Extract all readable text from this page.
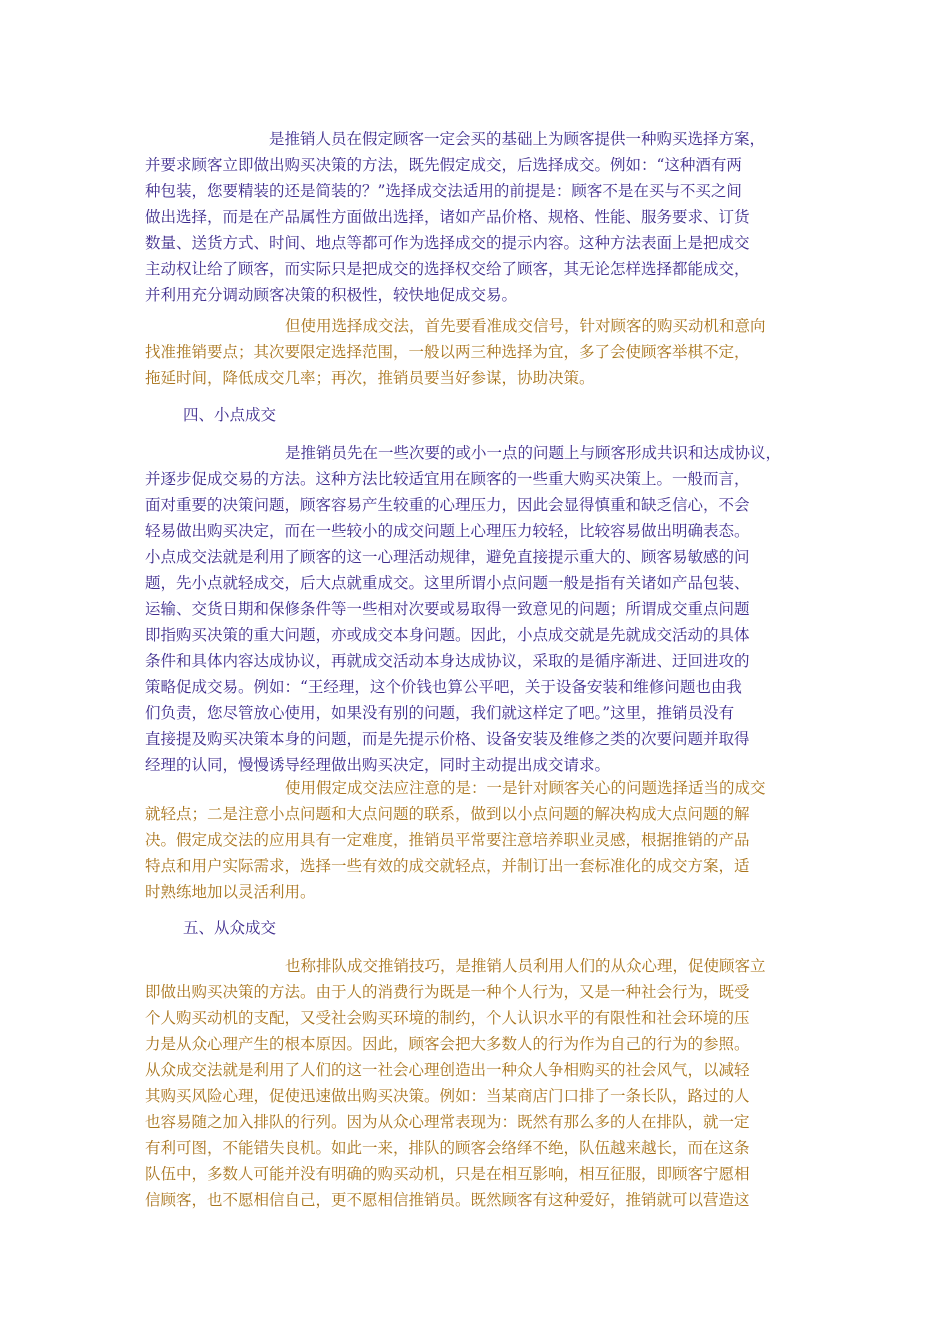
是推销人员在假定顾客一定会买的基础上为顾客提供一种购买选择方案，
并要求顾客立即做出购买决策的方法，既先假定成交，后选择成交。例如：“这种酒有两
种包装，您要精装的还是简装的？”选择成交法适用的前提是：顾客不是在买与不买之间
做出选择，而是在产品属性方面做出选择，诸如产品价格、规格、性能、服务要求、订货
数量、送货方式、时间、地点等都可作为选择成交的提示内容。这种方法表面上是把成交
主动权让给了顾客，而实际只是把成交的选择权交给了顾客，其无论怎样选择都能成交，
并利用充分调动顾客决策的积极性，较快地促成交易。
但使用选择成交法，首先要看准成交信号，针对顾客的购买动机和意向
找准推销要点；其次要限定选择范围，一般以两三种选择为宜，多了会使顾客举棋不定，
拖延时间，降低成交几率；再次，推销员要当好参谋，协助决策。
四、小点成交
是推销员先在一些次要的或小一点的问题上与顾客形成共识和达成协议，
并逐步促成交易的方法。这种方法比较适宜用在顾客的一些重大购买决策上。一般而言，
面对重要的决策问题，顾客容易产生较重的心理压力，因此会显得慎重和缺乏信心，不会
轻易做出购买决定，而在一些较小的成交问题上心理压力较轻，比较容易做出明确表态。
小点成交法就是利用了顾客的这一心理活动规律，避免直接提示重大的、顾客易敏感的问
题，先小点就轻成交，后大点就重成交。这里所谓小点问题一般是指有关诸如产品包装、
运输、交货日期和保修条件等一些相对次要或易取得一致意见的问题；所谓成交重点问题
即指购买决策的重大问题，亦或成交本身问题。因此，小点成交就是先就成交活动的具体
条件和具体内容达成协议，再就成交活动本身达成协议，采取的是循序渐进、迂回进攻的
策略促成交易。例如：“王经理，这个价钱也算公平吧，关于设备安装和维修问题也由我
们负责，您尽管放心使用，如果没有别的问题，我们就这样定了吧。”这里，推销员没有
直接提及购买决策本身的问题，而是先提示价格、设备安装及维修之类的次要问题并取得
经理的认同，慢慢诱导经理做出购买决定，同时主动提出成交请求。
使用假定成交法应注意的是：一是针对顾客关心的问题选择适当的成交
就轻点；二是注意小点问题和大点问题的联系，做到以小点问题的解决构成大点问题的解
决。假定成交法的应用具有一定难度，推销员平常要注意培养职业灵感，根据推销的产品
特点和用户实际需求，选择一些有效的成交就轻点，并制订出一套标准化的成交方案，适
时熟练地加以灵活利用。
五、从众成交
也称排队成交推销技巧，是推销人员利用人们的从众心理，促使顾客立
即做出购买决策的方法。由于人的消费行为既是一种个人行为，又是一种社会行为，既受
个人购买动机的支配，又受社会购买环境的制约，个人认识水平的有限性和社会环境的压
力是从众心理产生的根本原因。因此，顾客会把大多数人的行为作为自己的行为的参照。
从众成交法就是利用了人们的这一社会心理创造出一种众人争相购买的社会风气，以减轻
其购买风险心理，促使迅速做出购买决策。例如：当某商店门口排了一条长队，路过的人
也容易随之加入排队的行列。因为从众心理常表现为：既然有那么多的人在排队，就一定
有利可图，不能错失良机。如此一来，排队的顾客会络绎不绝，队伍越来越长，而在这条
队伍中，多数人可能并没有明确的购买动机，只是在相互影响，相互征服，即顾客宁愿相
信顾客，也不愿相信自己，更不愿相信推销员。既然顾客有这种爱好，推销就可以营造这
